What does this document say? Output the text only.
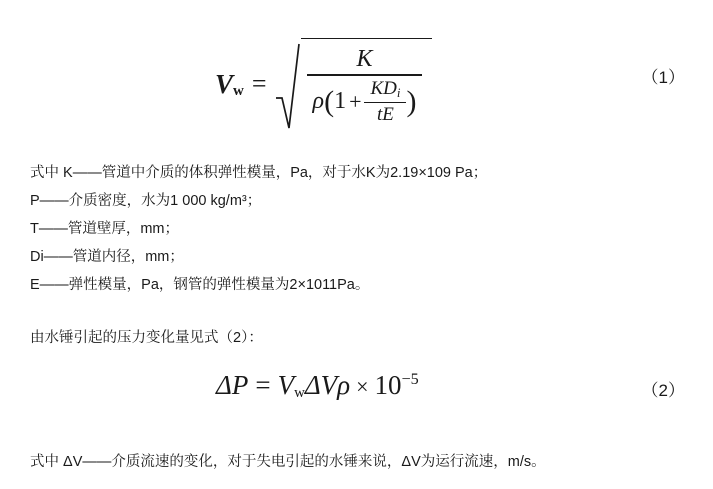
$V_w$ =
K
ρ ( $1 + \frac{KD_i}{tE}$ )
（1）
式中 K——管道中介质的体积弹性模量，Pa，对于水K为2.19×109 Pa；
P——介质密度，水为1 000 kg/m³；
T——管道壁厚，mm；
Di——管道内径，mm；
E——弹性模量，Pa，钢管的弹性模量为2×1011Pa。
由水锤引起的压力变化量见式（2）：
$\Delta P = V_w$ ΔV $\rho \times 10^{-5}$
（2）
式中 ΔV——介质流速的变化，对于失电引起的水锤来说，ΔV为运行流速，m/s。
